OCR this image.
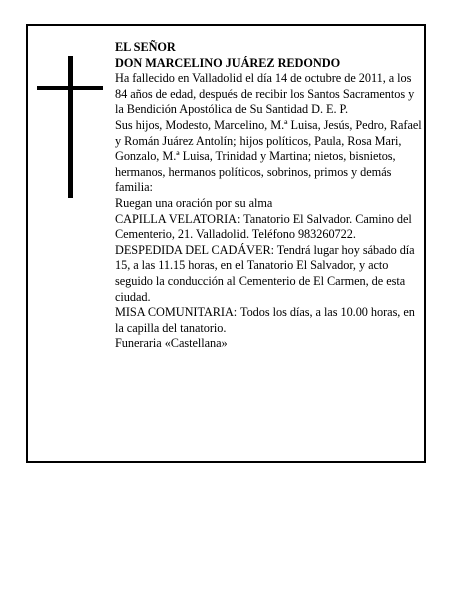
EL SEÑOR

DON MARCELINO JUÁREZ REDONDO

Ha fallecido en Valladolid el día 14 de octubre de 2011, a los 84 años de edad, después de recibir los Santos Sacramentos y la Bendición Apostólica de Su Santidad D. E. P.

Sus hijos, Modesto, Marcelino, M.ª Luisa, Jesús, Pedro, Rafael y Román Juárez Antolín; hijos políticos, Paula, Rosa Mari, Gonzalo, M.ª Luisa, Trinidad y Martina; nietos, bisnietos, hermanos, hermanos políticos, sobrinos, primos y demás familia:

Ruegan una oración por su alma

CAPILLA VELATORIA: Tanatorio El Salvador. Camino del Cementerio, 21. Valladolid. Teléfono 983260722.

DESPEDIDA DEL CADÁVER: Tendrá lugar hoy sábado día 15, a las 11.15 horas, en el Tanatorio El Salvador, y acto seguido la conducción al Cementerio de El Carmen, de esta ciudad.

MISA COMUNITARIA: Todos los días, a las 10.00 horas, en la capilla del tanatorio.

Funeraria «Castellana»
